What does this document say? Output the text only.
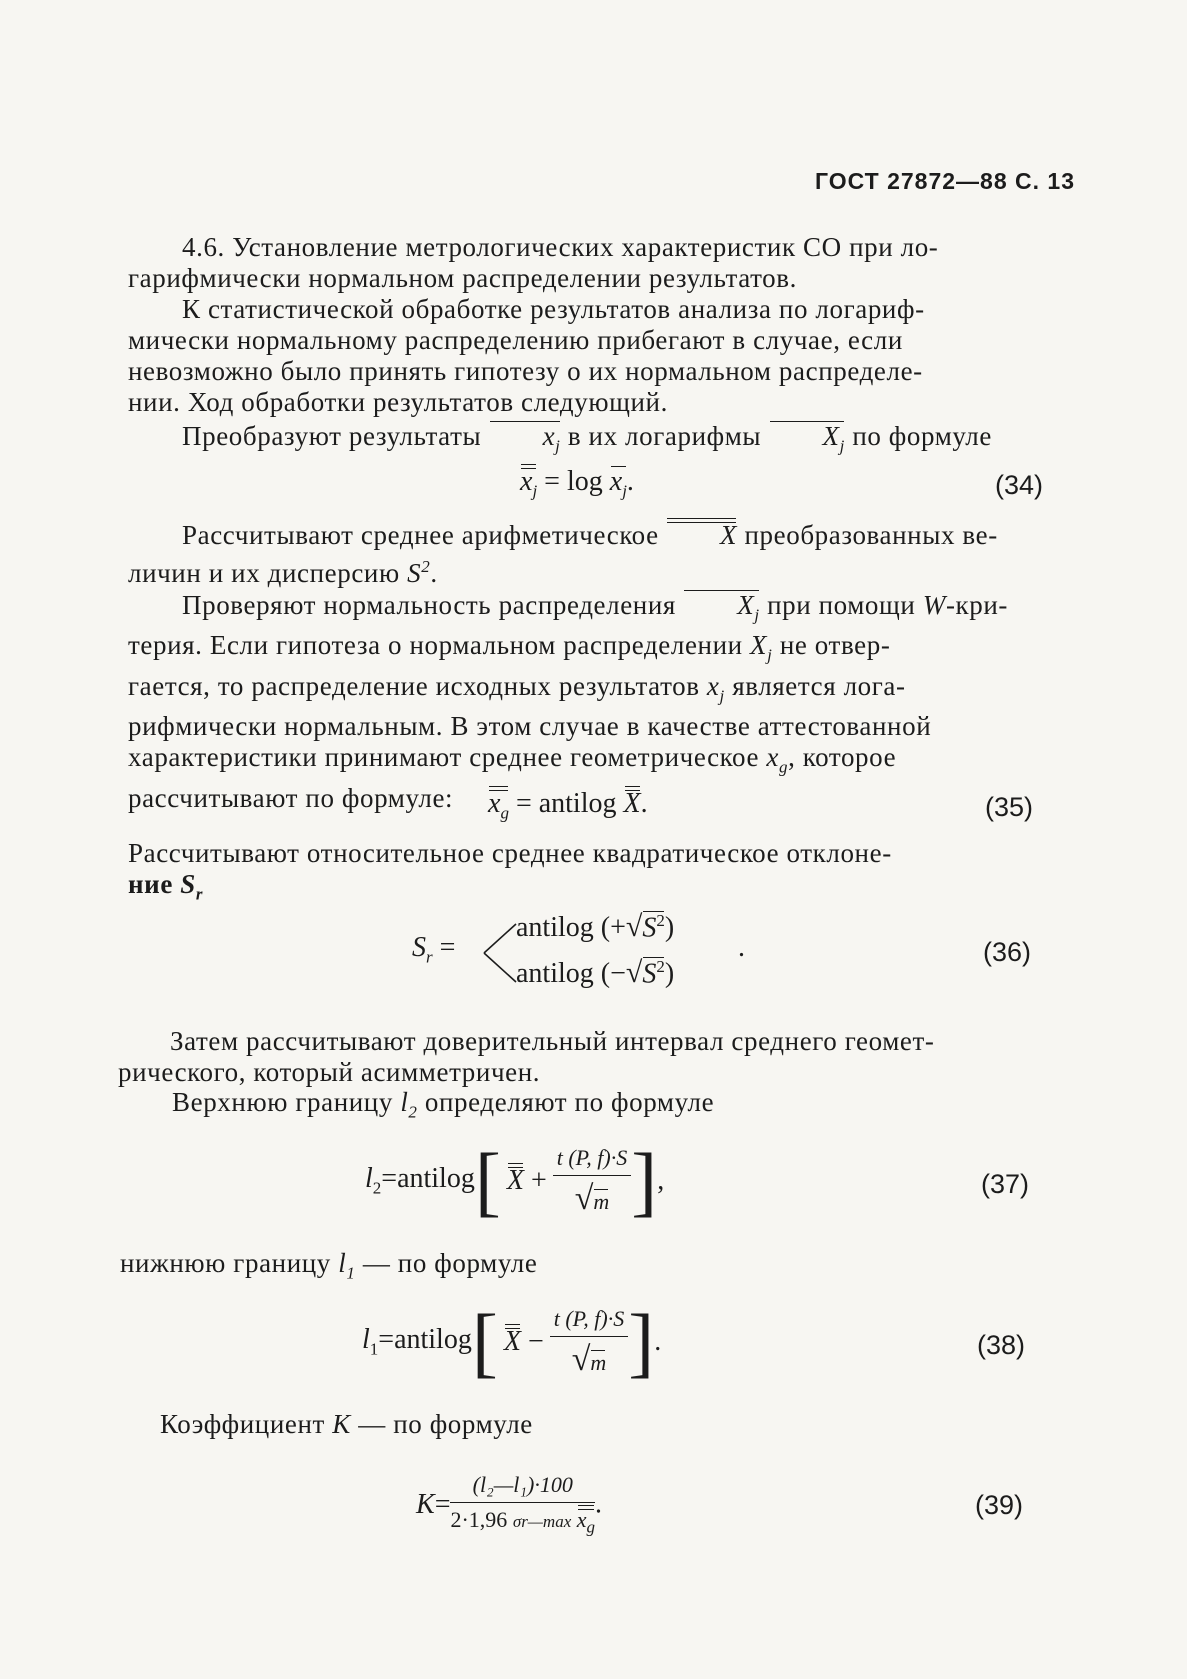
ГОСТ 27872—88 С. 13
4.6. Установление метрологических характеристик СО при ло-
гарифмически нормальном распределении результатов.
К статистической обработке результатов анализа по логариф-
мически нормальному распределению прибегают в случае, если
невозможно было принять гипотезу о их нормальном распределе-
нии. Ход обработки результатов следующий.
Преобразуют результаты $x_j$ в их логарифмы $X_j$ по формуле
$x_j = \log x_j$.	(34)
Рассчитывают среднее арифметическое X преобразованных ве-
личин и их дисперсию $S^2$.
Проверяют нормальность распределения $X_j$ при помощи W-кри-
терия. Если гипотеза о нормальном распределении $X_j$ не отвер-
гается, то распределение исходных результатов $x_j$ является лога-
рифмически нормальным. В этом случае в качестве аттестованной
характеристики принимают среднее геометрическое $x_g$, которое
рассчитывают по формуле:	$x_g$ = antilog X.	(35)
Рассчитывают относительное среднее квадратическое отклоне-
ние $S_r$
$S_r$ =
antilog $(+√S^2)$
antilog $(-√S^2)$
.	(36)
Затем рассчитывают доверительный интервал среднего геомет-
рического, который асимметричен.
Верхнюю границу $l_2$ определяют по формуле
$l_2=antilog$[ $X + \frac{t (P, f)\cdot S}{√m}$ ],	(37)
нижнюю границу $l_1$ — по формуле
$l_1=antilog$[ $X - \frac{t (P, f)\cdot S}{√m}$ ].	(38)
Коэффициент K — по формуле
$K= \frac{\text{(l₂—l₁)·100}}{2\cdot 1,96 \sigma r—\max x_g}$ .	(39)
